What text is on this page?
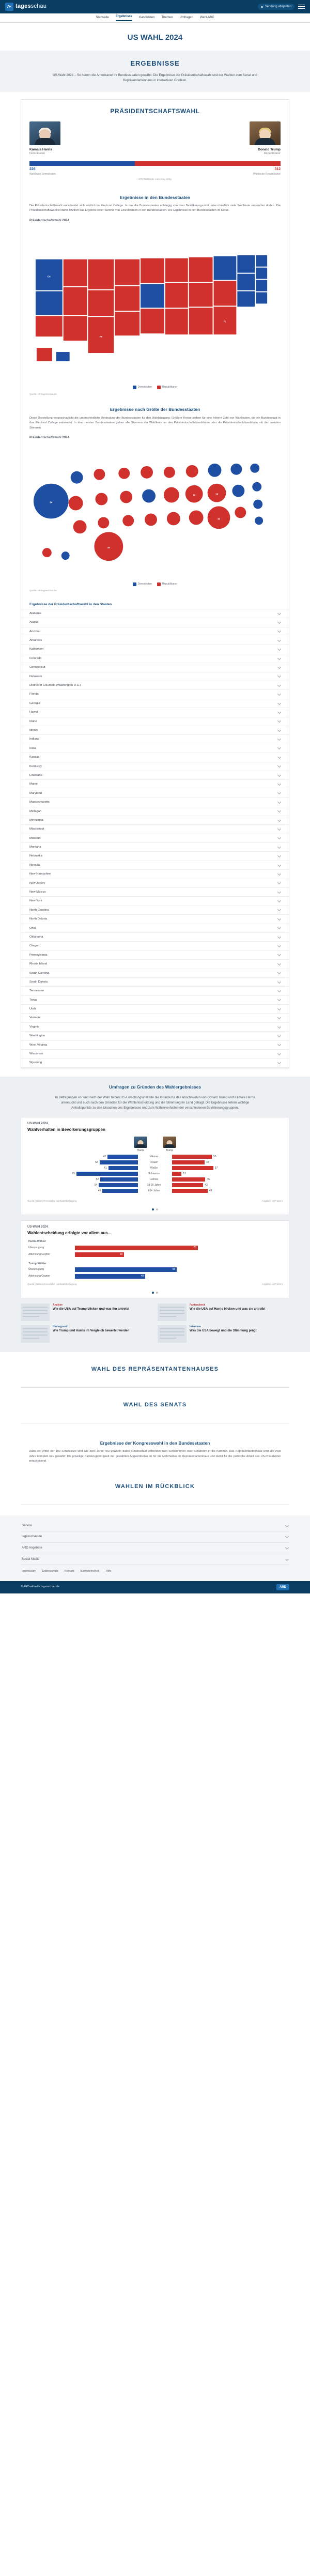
tagesschau	Sendung abspielen
Startseite Ergebnisse Kandidaten Themen Umfragen Wahl-ABC
US WAHL 2024
ERGEBNISSE

US-Wahl 2024 – So haben die Amerikaner ihr Bundesstaaten gewählt: Die Ergebnisse der Präsidentschaftswahl und der Wahlen zum Senat und Repräsentantenhaus in interaktiven Grafiken.

PRÄSIDENTSCHAFTSWAHL
Kamala Harris
Demokraten
Donald Trump
Republikaner
226	312
Wahlleute Demokraten	Wahlleute Republikaner
270 Wahlleute zum Sieg nötig
Ergebnisse in den Bundesstaaten
Die Präsidentschaftswahl entscheidet sich letztlich im Electoral College. In das die Bundesstaaten abhängig von ihrer Bevölkerungszahl unterschiedlich viele Wahlleute entsenden dürfen. Die Präsidentschaftswahl ist damit letztlich das Ergebnis einer Summe von Einzelwahlen in den Bundesstaaten. Die Ergebnisse in den Bundesstaaten im Detail.
Präsidentschaftswahl 2024
CA
TX
FL
Demokraten	Republikaner
Quelle: AP/tagesschau.de
Ergebnisse nach Größe der Bundesstaaten
Diese Darstellung veranschaulicht die unterschiedliche Bedeutung der Bundesstaaten für den Wahlausgang: Größere Kreise stehen für eine höhere Zahl von Wahlleuten, die ein Bundesstaat in das Electoral College entsendet. In den meisten Bundesstaaten gehen alle Stimmen der Wahlleute an den Präsidentschaftskandidaten oder die Präsidentschaftskandidatin mit den meisten Stimmen.
Präsidentschaftswahl 2024
54
40
19	19
30
Demokraten	Republikaner
Quelle: AP/tagesschau.de
Ergebnisse der Präsidentschaftswahl in den Staaten
Alabama
Alaska
Arizona
Arkansas
Kalifornien
Colorado
Connecticut
Delaware
District of Columbia (Washington D.C.)
Florida
Georgia
Hawaii
Idaho
Illinois
Indiana
Iowa
Kansas
Kentucky
Louisiana
Maine
Maryland
Massachusetts
Michigan
Minnesota
Mississippi
Missouri
Montana
Nebraska
Nevada
New Hampshire
New Jersey
New Mexico
New York
North Carolina
North Dakota
Ohio
Oklahoma
Oregon
Pennsylvania
Rhode Island
South Carolina
South Dakota
Tennessee
Texas
Utah
Vermont
Virginia
Washington
West Virginia
Wisconsin
Wyoming
Umfragen zu Gründen des Wahlergebnisses

In Befragungen vor und nach der Wahl haben US-Forschungsinstitute die Gründe für das Abschneiden von Donald Trump und Kamala Harris untersucht und auch nach den Gründen für die Wahlentscheidung und die Stimmung im Land gefragt. Die Ergebnisse liefern wichtige Anhaltspunkte zu den Ursachen des Ergebnisses und zum Wählerverhalten der verschiedenen Bevölkerungsgruppen.

US-Wahl 2024
Wahlverhalten in Bevölkerungsgruppen
Harris	Trump
42	Männer	55
53	Frauen	45
41	Weiße	57
85	Schwarze	13
52	Latinos	46
54	18-29 Jahre	43
49	65+ Jahre	49
Quelle: Edison Research / Nachwahlbefragung	Angaben in Prozent
US-Wahl 2024
Wahlentscheidung erfolgte vor allem aus...
Harris-Wähler
Überzeugung	70
Ablehnung Gegner	28
Trump-Wähler
Überzeugung	58
Ablehnung Gegner	40
Quelle: Edison Research / Nachwahlbefragung	Angaben in Prozent
Analyse
Wie die USA auf Trump blicken und was ihn antreibt
Faktencheck
Wie die USA auf Harris blicken und was sie antreibt
Hintergrund
Wie Trump und Harris im Vergleich bewertet werden
Interview
Was die USA bewegt und die Stimmung prägt
WAHL DES REPRÄSENTANTENHAUSES
WAHL DES SENATS
Ergebnisse der Kongresswahl in den Bundesstaaten

Dazu ein Drittel der 100 Senatssitze wird alle zwei Jahre neu gewählt; dabei Bundesstaat entsendet zwei Senatorinnen oder Senatoren in die Kammer. Das Repräsentantenhaus wird alle zwei Jahre komplett neu gewählt: Die jeweilige Parteizugehörigkeit der gewählten Abgeordneten ist für die Mehrheiten im Repräsentantenhaus und damit für die politische Arbeit des US-Präsidenten entscheidend.

WAHLEN IM RÜCKBLICK
Service
tagesschau.de
ARD Angebote
Social Media
Impressum Datenschutz Kontakt Barrierefreiheit Hilfe
© ARD-aktuell / tagesschau.de	ARD
